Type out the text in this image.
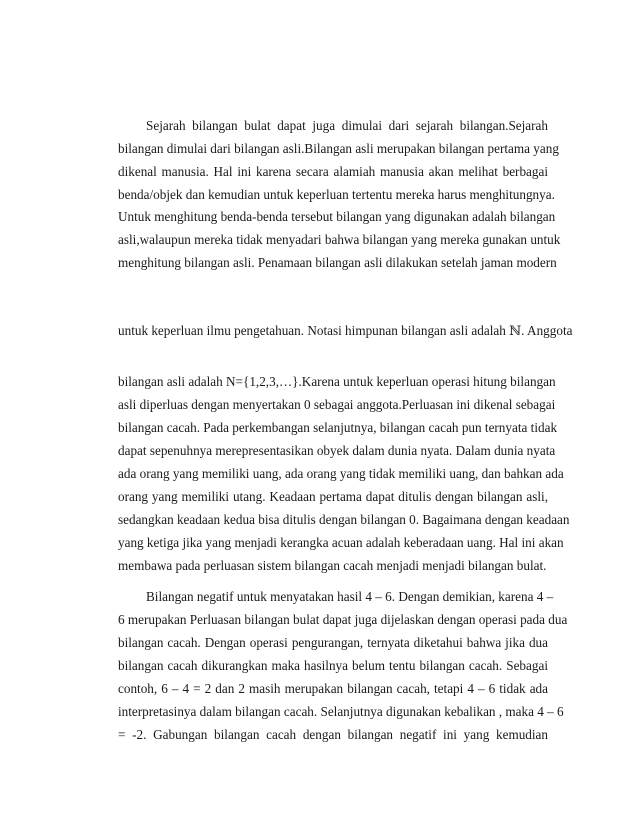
Sejarah bilangan bulat dapat juga dimulai dari sejarah bilangan.Sejarah
bilangan dimulai dari bilangan asli.Bilangan asli merupakan bilangan pertama yang
dikenal manusia. Hal ini karena secara alamiah manusia akan melihat berbagai
benda/objek dan kemudian untuk keperluan tertentu mereka harus menghitungnya.
Untuk menghitung benda-benda tersebut bilangan yang digunakan adalah bilangan
asli,walaupun mereka tidak menyadari bahwa bilangan yang mereka gunakan untuk
menghitung bilangan asli. Penamaan bilangan asli dilakukan setelah jaman modern
untuk keperluan ilmu pengetahuan. Notasi himpunan bilangan asli adalah ℕ. Anggota
bilangan asli adalah N={1,2,3,…}.Karena untuk keperluan operasi hitung bilangan
asli diperluas dengan menyertakan 0 sebagai anggota.Perluasan ini dikenal sebagai
bilangan cacah. Pada perkembangan selanjutnya, bilangan cacah pun ternyata tidak
dapat sepenuhnya merepresentasikan obyek dalam dunia nyata. Dalam dunia nyata
ada orang yang memiliki uang, ada orang yang tidak memiliki uang, dan bahkan ada
orang yang memiliki utang. Keadaan pertama dapat ditulis dengan bilangan asli,
sedangkan keadaan kedua bisa ditulis dengan bilangan 0. Bagaimana dengan keadaan
yang ketiga jika yang menjadi kerangka acuan adalah keberadaan uang. Hal ini akan
membawa pada perluasan sistem bilangan cacah menjadi menjadi bilangan bulat.
Bilangan negatif untuk menyatakan hasil 4 – 6. Dengan demikian, karena 4 –
6 merupakan Perluasan bilangan bulat dapat juga dijelaskan dengan operasi pada dua
bilangan cacah. Dengan operasi pengurangan, ternyata diketahui bahwa jika dua
bilangan cacah dikurangkan maka hasilnya belum tentu bilangan cacah. Sebagai
contoh, 6 – 4 = 2 dan 2 masih merupakan bilangan cacah, tetapi 4 – 6 tidak ada
interpretasinya dalam bilangan cacah. Selanjutnya digunakan kebalikan , maka 4 – 6
= -2. Gabungan bilangan cacah dengan bilangan negatif ini yang kemudian
